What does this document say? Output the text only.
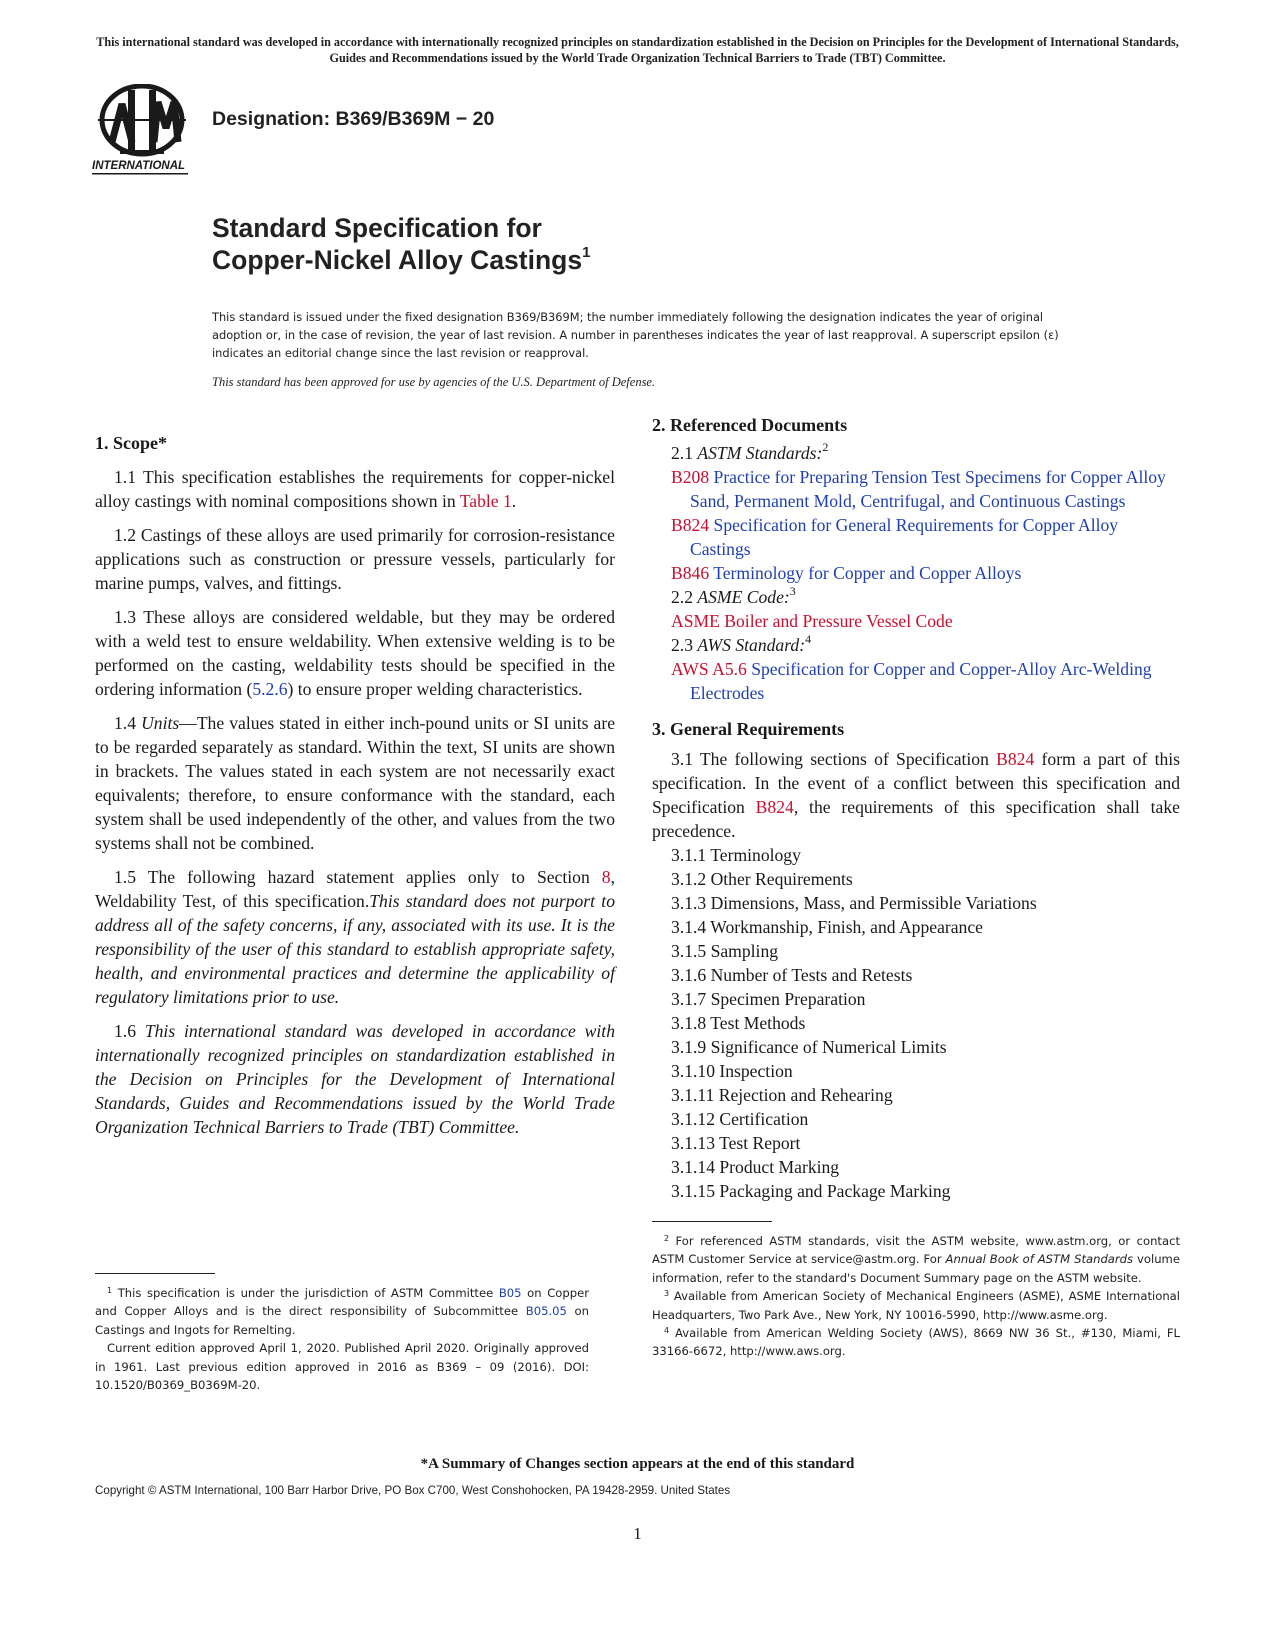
This international standard was developed in accordance with internationally recognized principles on standardization established in the Decision on Principles for the Development of International Standards, Guides and Recommendations issued by the World Trade Organization Technical Barriers to Trade (TBT) Committee.
INTERNATIONAL
Designation: B369/B369M − 20
Standard Specification for
Copper-Nickel Alloy Castings$^1$
This standard is issued under the fixed designation B369/B369M; the number immediately following the designation indicates the year of original adoption or, in the case of revision, the year of last revision. A number in parentheses indicates the year of last reapproval. A superscript epsilon (ε) indicates an editorial change since the last revision or reapproval.
This standard has been approved for use by agencies of the U.S. Department of Defense.
1. Scope*

1.1 This specification establishes the requirements for copper-nickel alloy castings with nominal compositions shown in Table 1.

1.2 Castings of these alloys are used primarily for corrosion-resistance applications such as construction or pressure vessels, particularly for marine pumps, valves, and fittings.

1.3 These alloys are considered weldable, but they may be ordered with a weld test to ensure weldability. When extensive welding is to be performed on the casting, weldability tests should be specified in the ordering information (5.2.6) to ensure proper welding characteristics.

1.4 Units—The values stated in either inch-pound units or SI units are to be regarded separately as standard. Within the text, SI units are shown in brackets. The values stated in each system are not necessarily exact equivalents; therefore, to ensure conformance with the standard, each system shall be used independently of the other, and values from the two systems shall not be combined.

1.5 The following hazard statement applies only to Section 8, Weldability Test, of this specification.This standard does not purport to address all of the safety concerns, if any, associated with its use. It is the responsibility of the user of this standard to establish appropriate safety, health, and environmental practices and determine the applicability of regulatory limitations prior to use.

1.6 This international standard was developed in accordance with internationally recognized principles on standardization established in the Decision on Principles for the Development of International Standards, Guides and Recommendations issued by the World Trade Organization Technical Barriers to Trade (TBT) Committee.

$^1$ This specification is under the jurisdiction of ASTM Committee B05 on Copper and Copper Alloys and is the direct responsibility of Subcommittee B05.05 on Castings and Ingots for Remelting.

Current edition approved April 1, 2020. Published April 2020. Originally approved in 1961. Last previous edition approved in 2016 as B369 – 09 (2016). DOI: 10.1520/B0369_B0369M-20.

2. Referenced Documents

2.1 ASTM Standards:$^2$

B208 Practice for Preparing Tension Test Specimens for Copper Alloy Sand, Permanent Mold, Centrifugal, and Continuous Castings

B824 Specification for General Requirements for Copper Alloy Castings

B846 Terminology for Copper and Copper Alloys

2.2 ASME Code:$^3$

ASME Boiler and Pressure Vessel Code

2.3 AWS Standard:$^4$

AWS A5.6 Specification for Copper and Copper-Alloy Arc-Welding Electrodes

3. General Requirements

3.1 The following sections of Specification B824 form a part of this specification. In the event of a conflict between this specification and Specification B824, the requirements of this specification shall take precedence.

3.1.1 Terminology
3.1.2 Other Requirements
3.1.3 Dimensions, Mass, and Permissible Variations
3.1.4 Workmanship, Finish, and Appearance
3.1.5 Sampling
3.1.6 Number of Tests and Retests
3.1.7 Specimen Preparation
3.1.8 Test Methods
3.1.9 Significance of Numerical Limits
3.1.10 Inspection
3.1.11 Rejection and Rehearing
3.1.12 Certification
3.1.13 Test Report
3.1.14 Product Marking
3.1.15 Packaging and Package Marking

$^2$ For referenced ASTM standards, visit the ASTM website, www.astm.org, or contact ASTM Customer Service at service@astm.org. For Annual Book of ASTM Standards volume information, refer to the standard's Document Summary page on the ASTM website.

$^3$ Available from American Society of Mechanical Engineers (ASME), ASME International Headquarters, Two Park Ave., New York, NY 10016-5990, http://www.asme.org.

$^4$ Available from American Welding Society (AWS), 8669 NW 36 St., #130, Miami, FL 33166-6672, http://www.aws.org.

*A Summary of Changes section appears at the end of this standard
Copyright © ASTM International, 100 Barr Harbor Drive, PO Box C700, West Conshohocken, PA 19428-2959. United States
1
